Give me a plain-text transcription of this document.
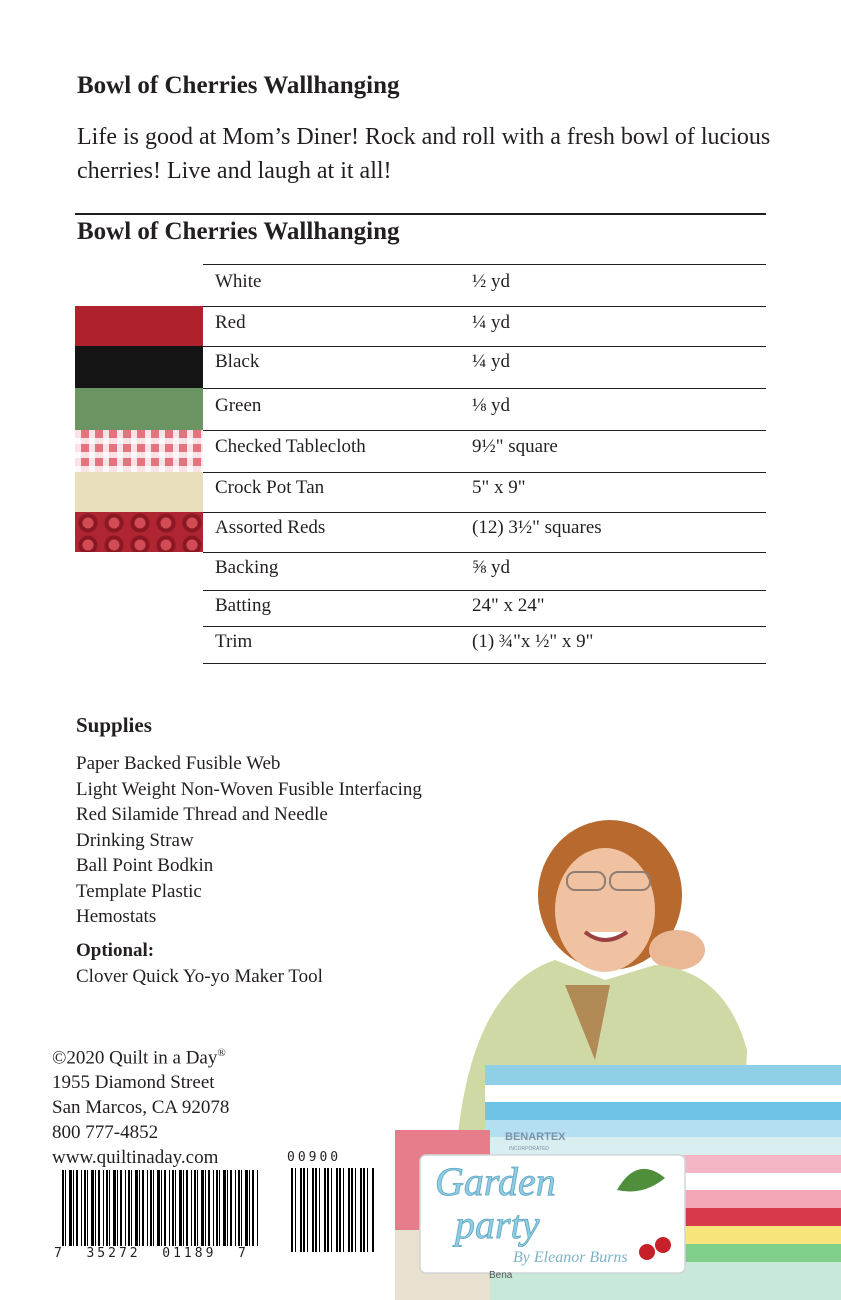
Bowl of Cherries Wallhanging
Life is good at Mom’s Diner! Rock and roll with a fresh bowl of lucious cherries! Live and laugh at it all!
Bowl of Cherries Wallhanging
White	½ yd
Red	¼ yd
Black	¼ yd
Green	⅛ yd
Checked Tablecloth	9½" square
Crock Pot Tan	5" x 9"
Assorted Reds	(12) 3½" squares
Backing	⅝ yd
Batting	24" x 24"
Trim	(1) ¾"x ½" x 9"
Supplies
Paper Backed Fusible Web
Light Weight Non-Woven Fusible Interfacing
Red Silamide Thread and Needle
Drinking Straw
Ball Point Bodkin
Template Plastic
Hemostats
Optional:
Clover Quick Yo-yo Maker Tool
©2020 Quilt in a Day®
1955 Diamond Street
San Marcos, CA 92078
800 777-4852
www.quiltinaday.com
7  35272  01189  7
00900
BENARTEX
INCORPORATED
Garden
party
By Eleanor Burns
Bena
